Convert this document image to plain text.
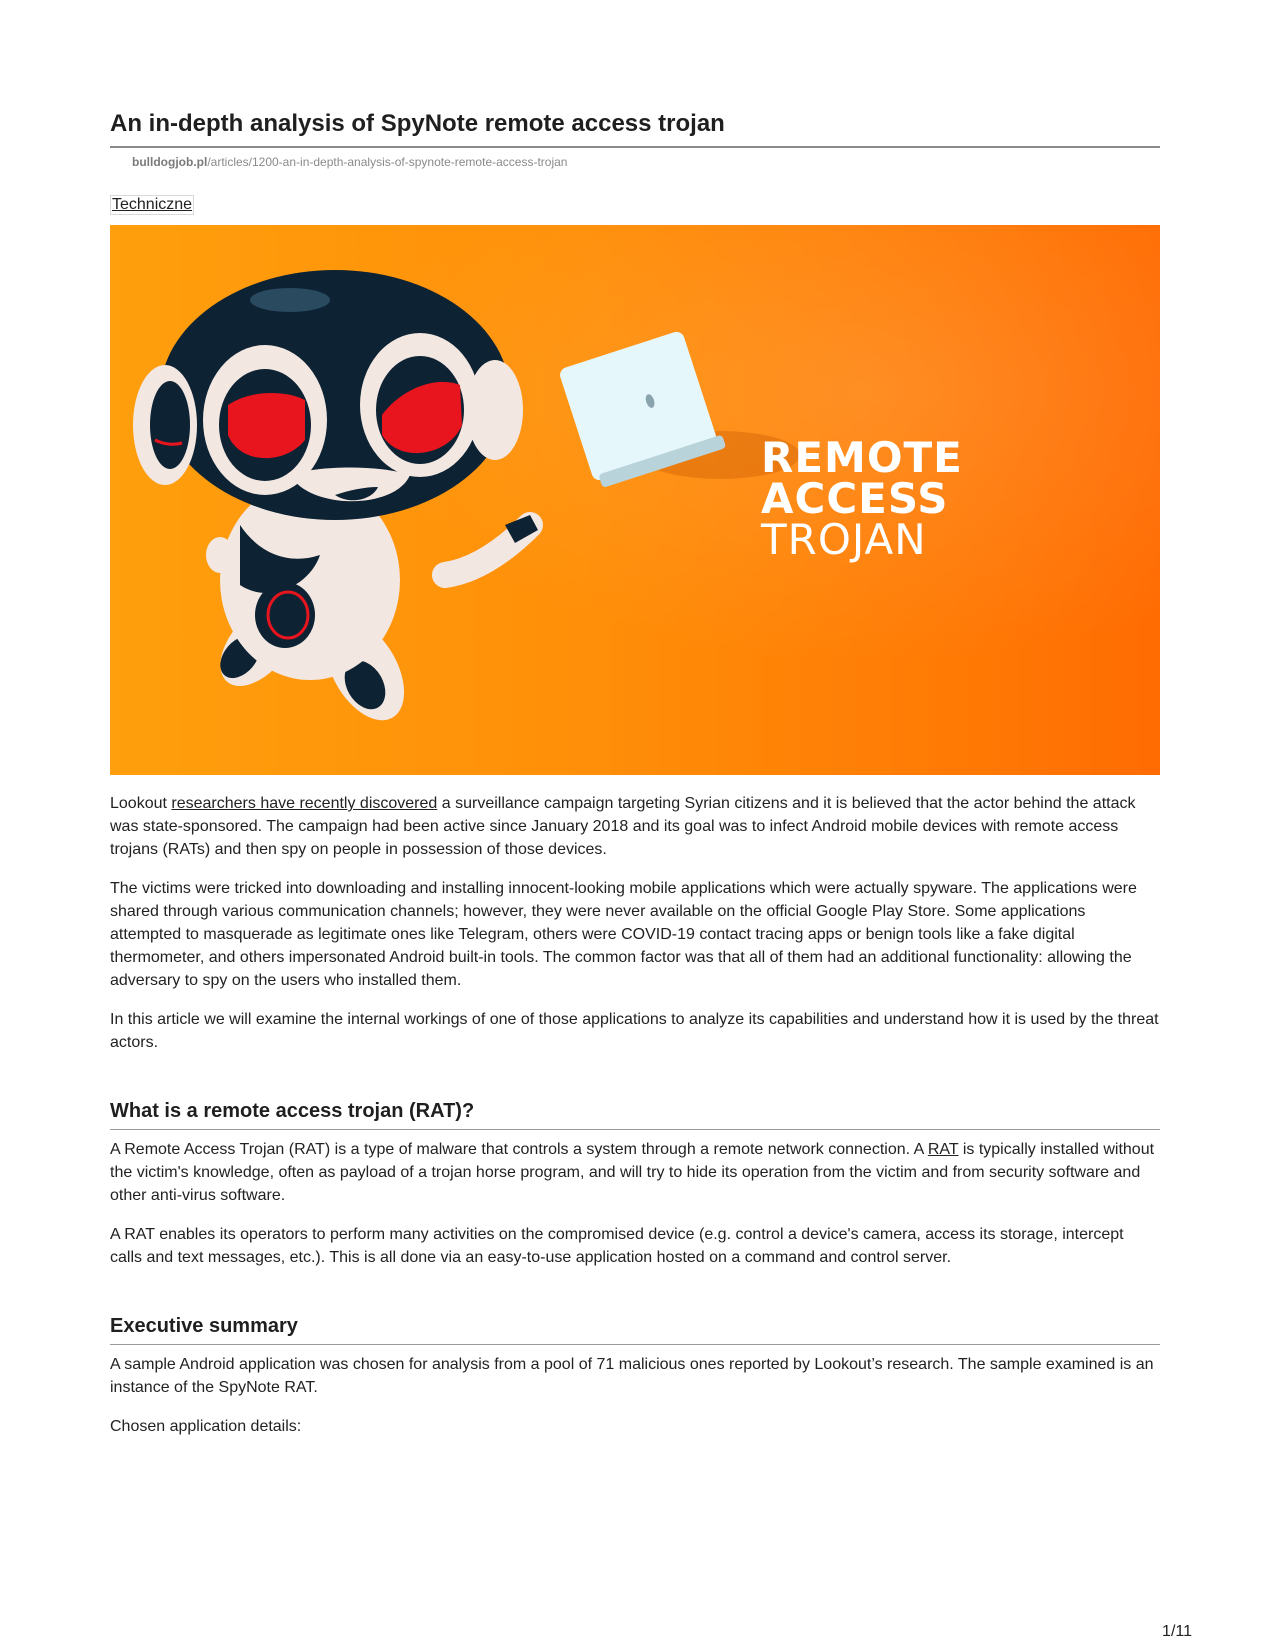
An in-depth analysis of SpyNote remote access trojan
bulldogjob.pl/articles/1200-an-in-depth-analysis-of-spynote-remote-access-trojan
Techniczne
REMOTE
ACCESS
TROJAN

Lookout researchers have recently discovered a surveillance campaign targeting Syrian citizens and it is believed that the actor behind the attack was state-sponsored. The campaign had been active since January 2018 and its goal was to infect Android mobile devices with remote access trojans (RATs) and then spy on people in possession of those devices.

The victims were tricked into downloading and installing innocent-looking mobile applications which were actually spyware. The applications were shared through various communication channels; however, they were never available on the official Google Play Store. Some applications attempted to masquerade as legitimate ones like Telegram, others were COVID-19 contact tracing apps or benign tools like a fake digital thermometer, and others impersonated Android built-in tools. The common factor was that all of them had an additional functionality: allowing the adversary to spy on the users who installed them.

In this article we will examine the internal workings of one of those applications to analyze its capabilities and understand how it is used by the threat actors.

What is a remote access trojan (RAT)?

A Remote Access Trojan (RAT) is a type of malware that controls a system through a remote network connection. A RAT is typically installed without the victim's knowledge, often as payload of a trojan horse program, and will try to hide its operation from the victim and from security software and other anti-virus software.

A RAT enables its operators to perform many activities on the compromised device (e.g. control a device's camera, access its storage, intercept calls and text messages, etc.). This is all done via an easy-to-use application hosted on a command and control server.

Executive summary

A sample Android application was chosen for analysis from a pool of 71 malicious ones reported by Lookout’s research. The sample examined is an instance of the SpyNote RAT.

Chosen application details:

1/11
